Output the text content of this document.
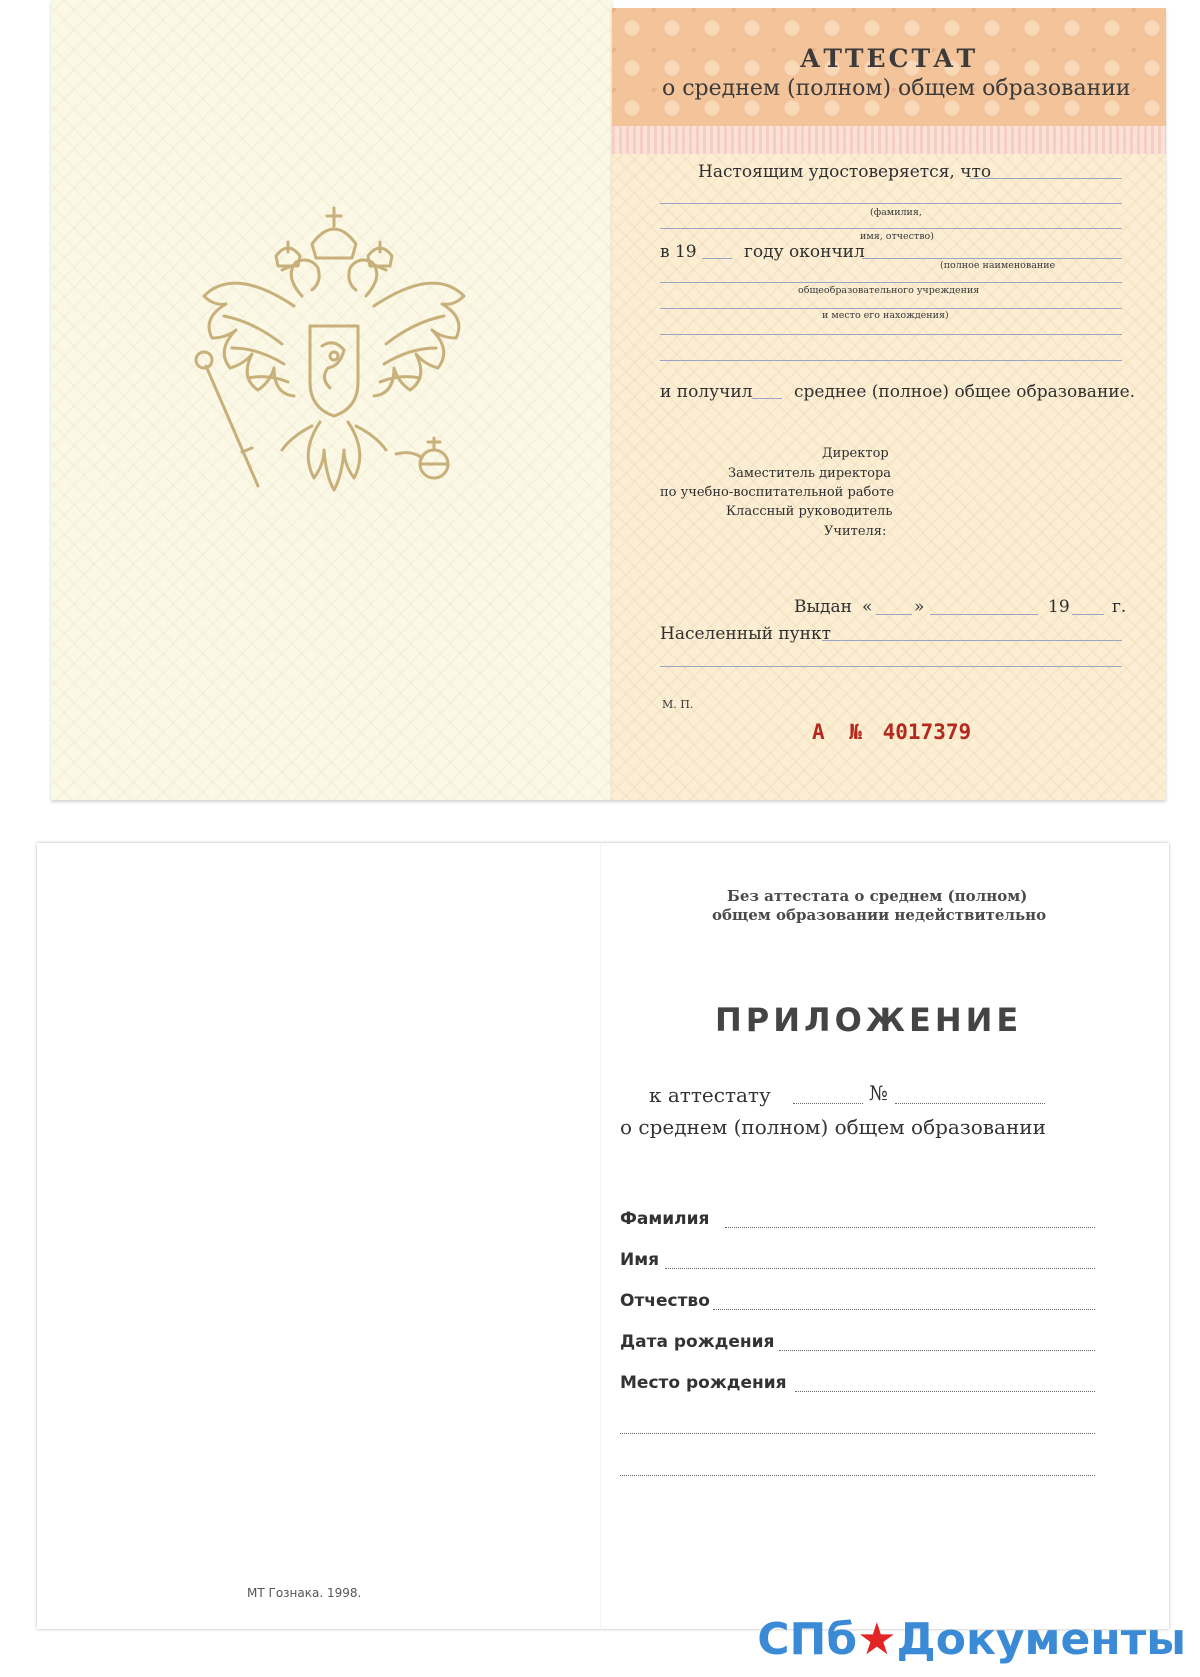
АТТЕСТАТ
о среднем (полном) общем образовании
Настоящим удостоверяется, что
(фамилия,
имя, отчество)
в 19	году окончил
(полное наименование
общеобразовательного учреждения
и место его нахождения)
и получил среднее (полное) общее образование.
Директор
Заместитель директора
по учебно-воспитательной работе
Классный руководитель
Учителя:
Выдан « »	19 г.
Населенный пункт
М. П.
А № 4017379
Без аттестата о среднем (полном)
общем образовании недействительно
ПРИЛОЖЕНИЕ
к аттестату	№
о среднем (полном) общем образовании
Фамилия
Имя
Отчество
Дата рождения
Место рождения
МТ Гознака. 1998.
СПб★Документы
